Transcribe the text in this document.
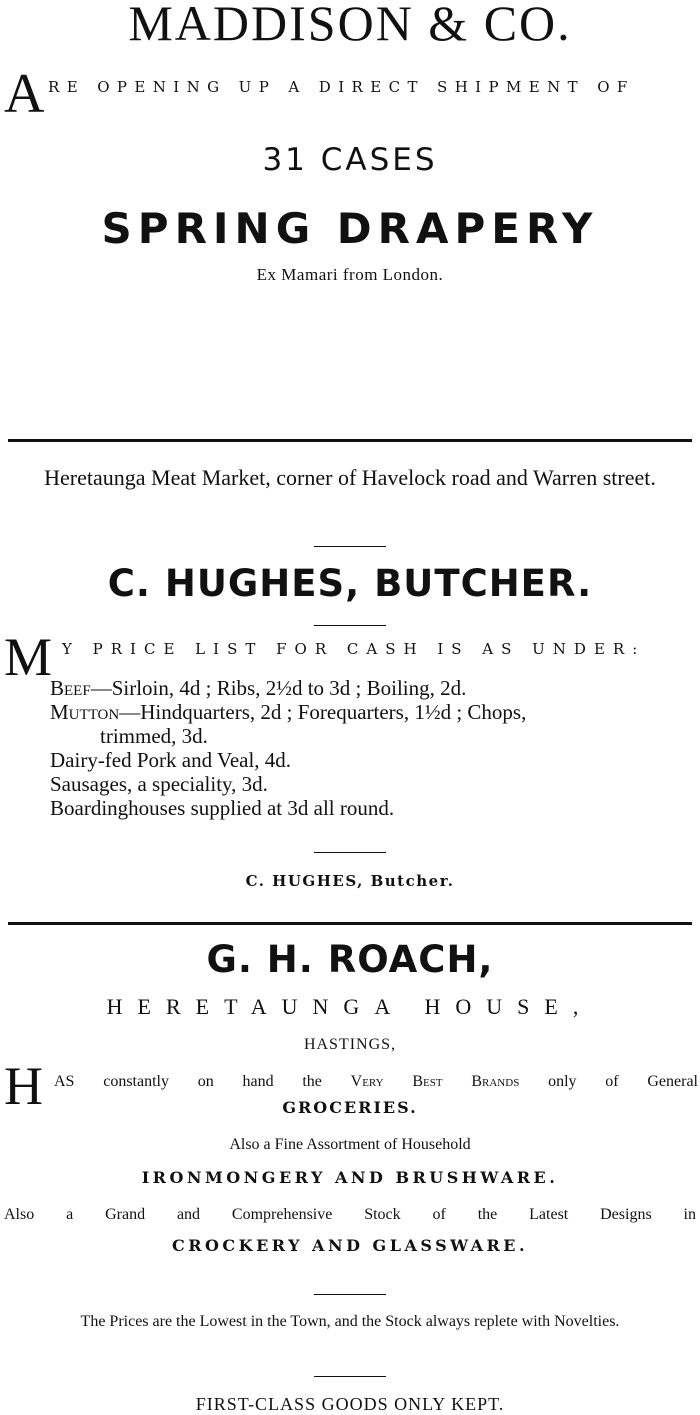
MADDISON & CO.
A RE OPENING UP A DIRECT SHIPMENT OF
31 CASES
SPRING DRAPERY
Ex Mamari from London.
Heretaunga Meat Market, corner of Havelock road and Warren street.
C. HUGHES, BUTCHER.
M Y PRICE LIST FOR CASH IS AS UNDER:
Beef—Sirloin, 4d ; Ribs, 2½d to 3d ; Boiling, 2d.
Mutton—Hindquarters, 2d ; Forequarters, 1½d ; Chops,
trimmed, 3d.
Dairy-fed Pork and Veal, 4d.
Sausages, a speciality, 3d.
Boardinghouses supplied at 3d all round.
C. HUGHES, Butcher.
G. H. ROACH,
HERETAUNGA HOUSE,
HASTINGS,
H AS constantly on hand the Very Best Brands only of General
GROCERIES.
Also a Fine Assortment of Household
IRONMONGERY AND BRUSHWARE.
Also a Grand and Comprehensive Stock of the Latest Designs in
CROCKERY AND GLASSWARE.
The Prices are the Lowest in the Town, and the Stock always replete with Novelties.
FIRST-CLASS GOODS ONLY KEPT.
